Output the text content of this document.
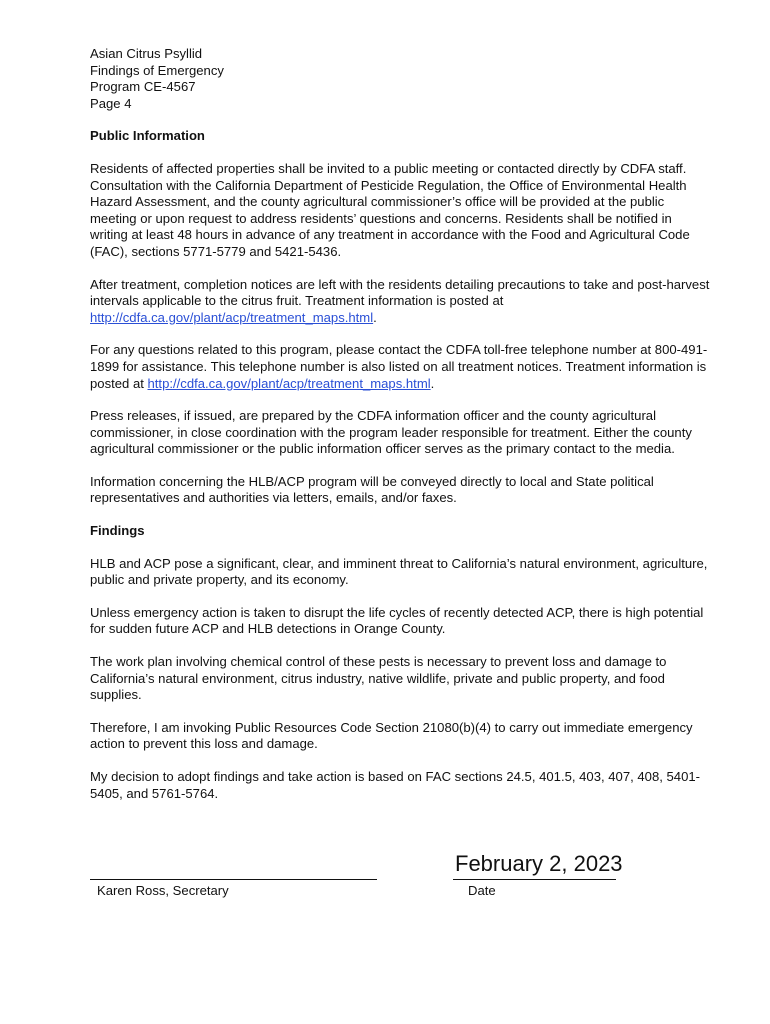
Asian Citrus Psyllid
Findings of Emergency
Program CE-4567
Page 4
Public Information

Residents of affected properties shall be invited to a public meeting or contacted directly by CDFA staff. Consultation with the California Department of Pesticide Regulation, the Office of Environmental Health Hazard Assessment, and the county agricultural commissioner’s office will be provided at the public meeting or upon request to address residents’ questions and concerns. Residents shall be notified in writing at least 48 hours in advance of any treatment in accordance with the Food and Agricultural Code (FAC), sections 5771-5779 and 5421-5436.

After treatment, completion notices are left with the residents detailing precautions to take and post-harvest intervals applicable to the citrus fruit. Treatment information is posted at http://cdfa.ca.gov/plant/acp/treatment_maps.html.

For any questions related to this program, please contact the CDFA toll-free telephone number at 800-491-1899 for assistance. This telephone number is also listed on all treatment notices. Treatment information is posted at http://cdfa.ca.gov/plant/acp/treatment_maps.html.

Press releases, if issued, are prepared by the CDFA information officer and the county agricultural commissioner, in close coordination with the program leader responsible for treatment. Either the county agricultural commissioner or the public information officer serves as the primary contact to the media.

Information concerning the HLB/ACP program will be conveyed directly to local and State political representatives and authorities via letters, emails, and/or faxes.

Findings

HLB and ACP pose a significant, clear, and imminent threat to California’s natural environment, agriculture, public and private property, and its economy.

Unless emergency action is taken to disrupt the life cycles of recently detected ACP, there is high potential for sudden future ACP and HLB detections in Orange County.

The work plan involving chemical control of these pests is necessary to prevent loss and damage to California’s natural environment, citrus industry, native wildlife, private and public property, and food supplies.

Therefore, I am invoking Public Resources Code Section 21080(b)(4) to carry out immediate emergency action to prevent this loss and damage.

My decision to adopt findings and take action is based on FAC sections 24.5, 401.5, 403, 407, 408, 5401-5405, and 5761-5764.

February 2, 2023
Karen Ross, Secretary	Date
